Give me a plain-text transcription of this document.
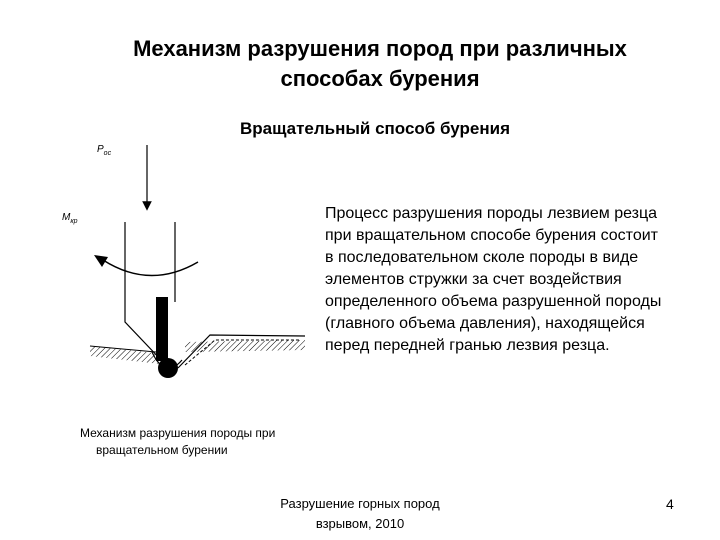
Механизм разрушения пород при различных
способах бурения
Вращательный способ бурения
$P_{ос}$
$M_{кр}$	Процесс разрушения породы лезвием резца при вращательном способе бурения состоит в последовательном сколе породы в виде элементов стружки за счет воздействия определенного объема разрушенной породы (главного объема давления), находящейся перед передней гранью лезвия резца.
Механизм разрушения породы при
вращательном бурении
Разрушение горных пород
взрывом, 2010
4
